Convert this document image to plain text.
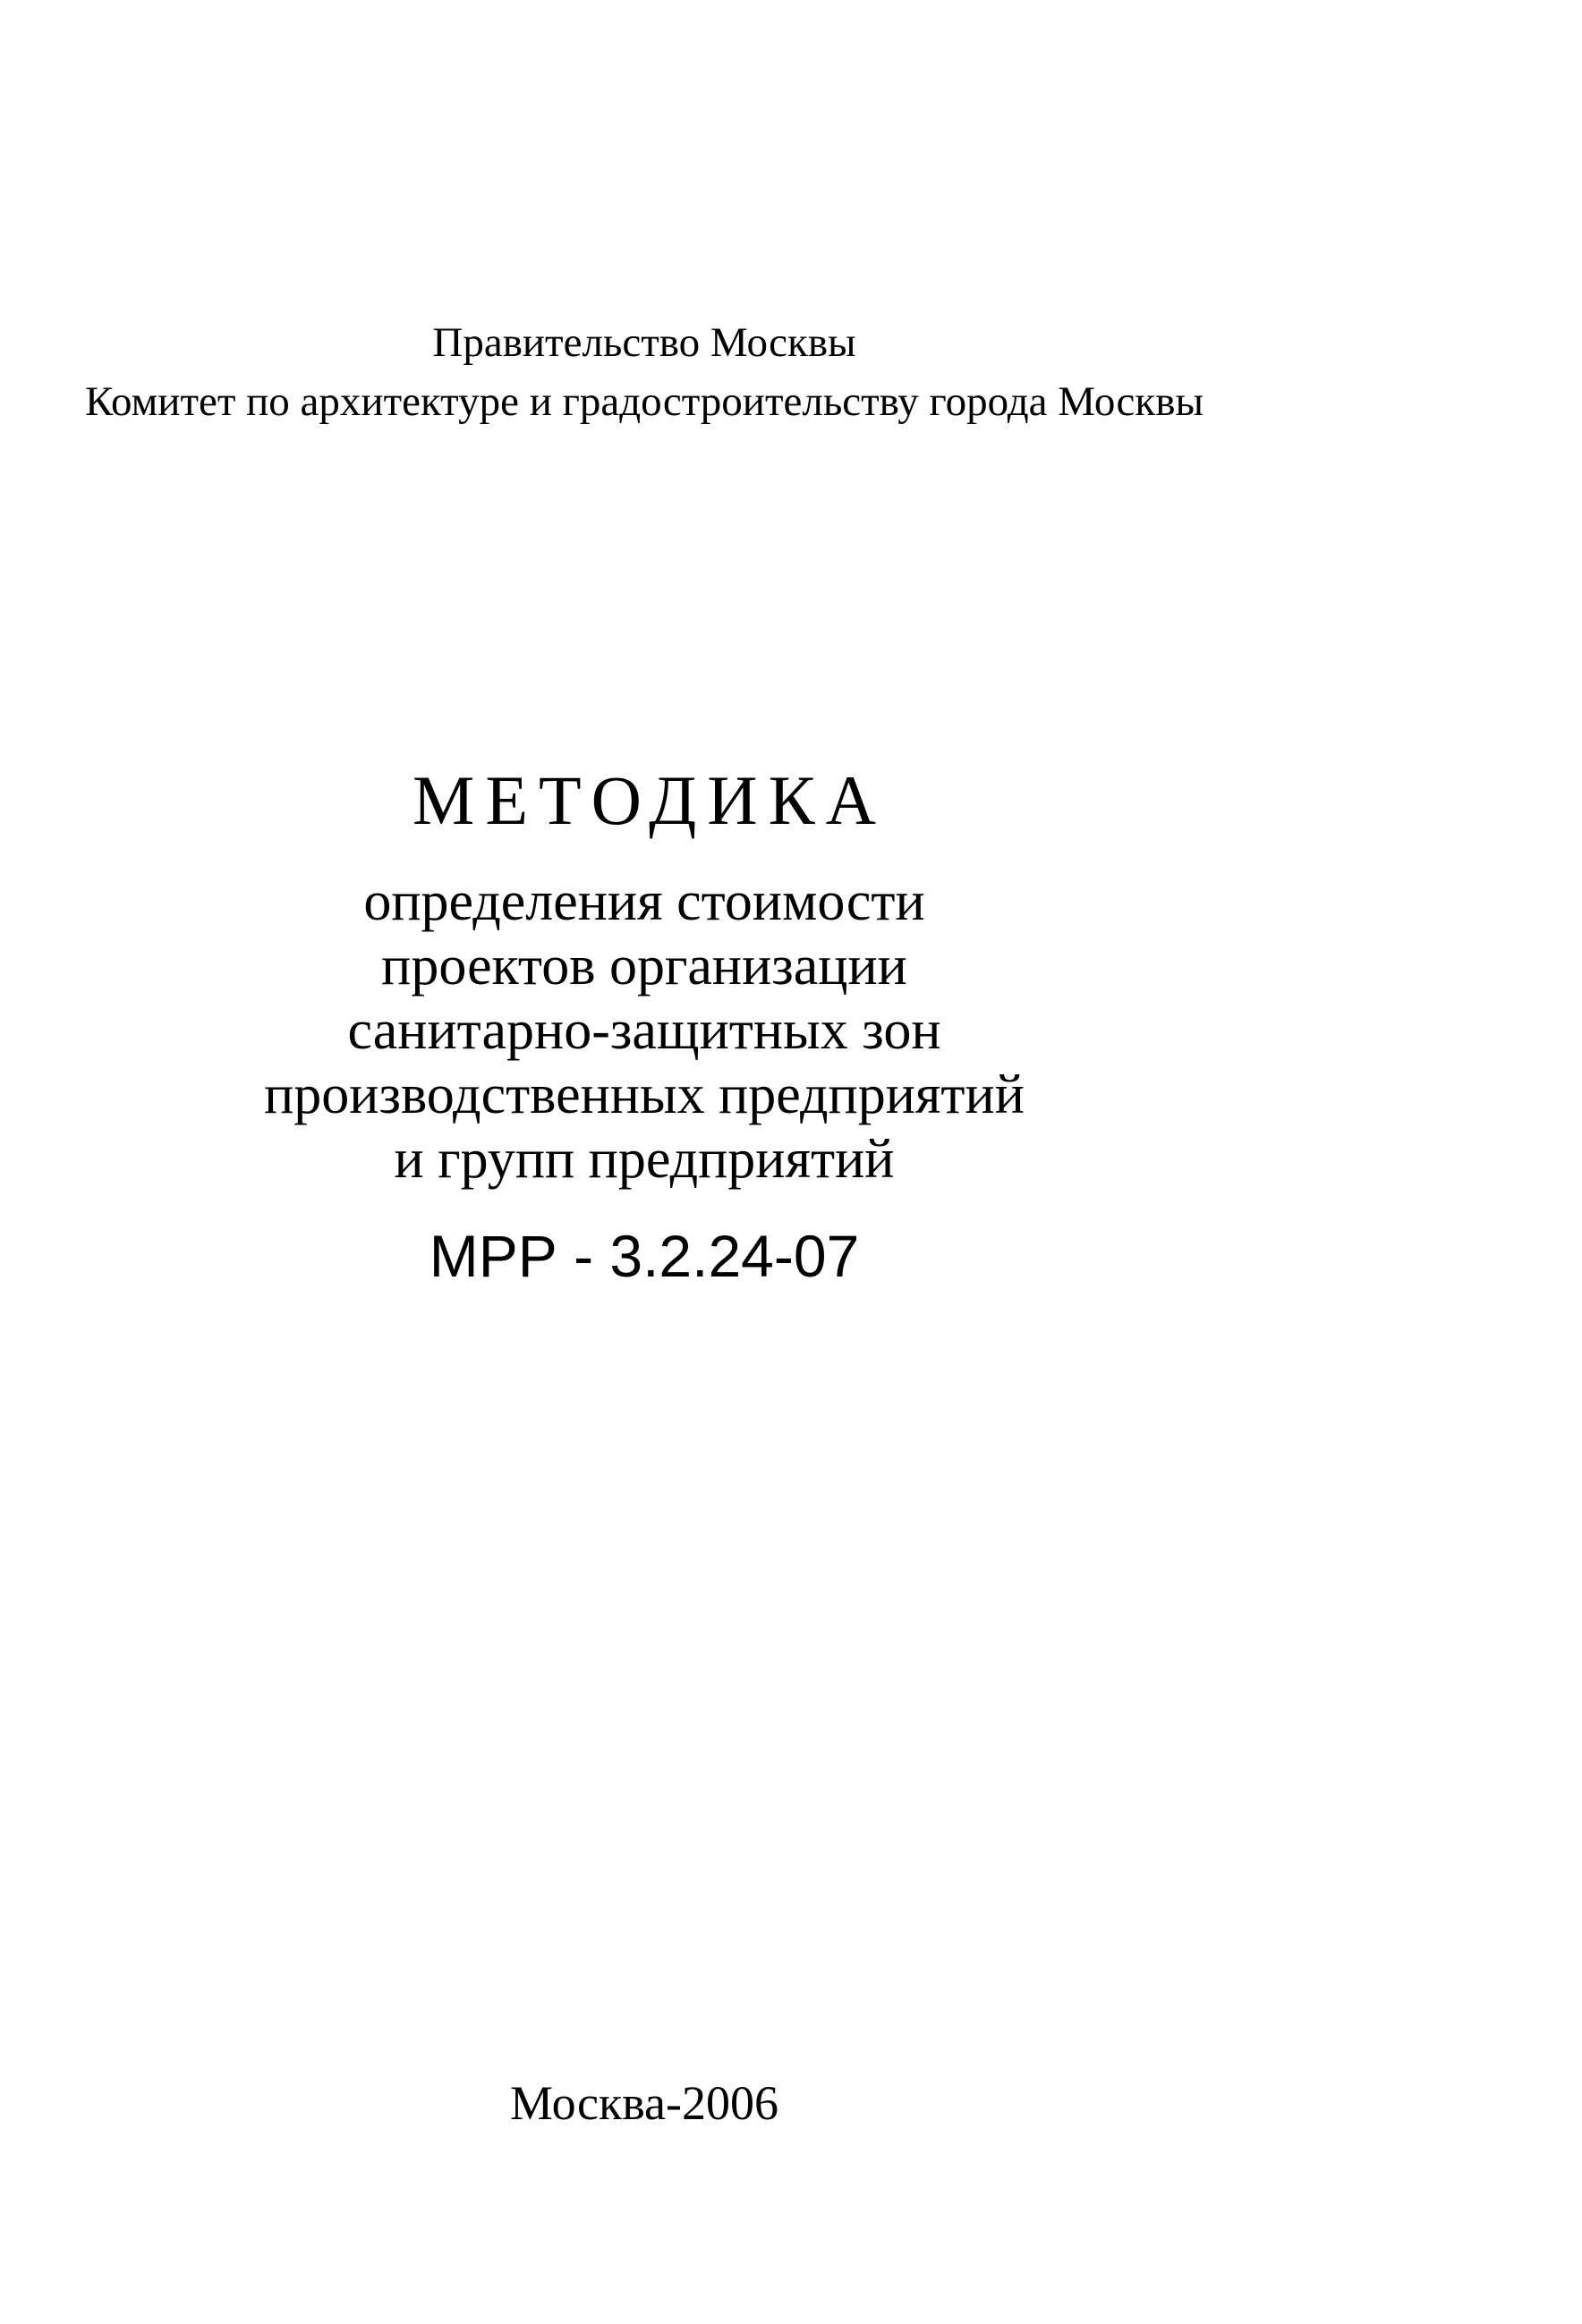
Правительство Москвы
Комитет по архитектуре и градостроительству города Москвы
МЕТОДИКА
определения стоимости
проектов организации
санитарно-защитных зон
производственных предприятий
и групп предприятий
МРР - 3.2.24-07
Москва-2006
